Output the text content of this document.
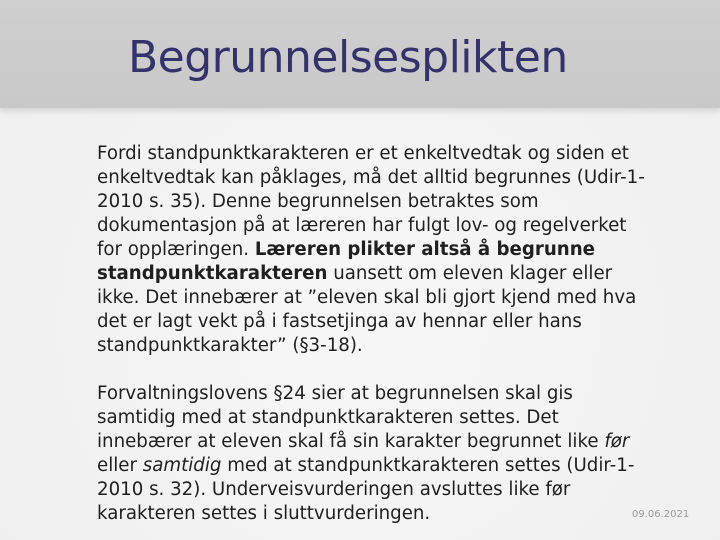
Begrunnelsesplikten

Fordi standpunktkarakteren er et enkeltvedtak og siden et enkeltvedtak kan påklages, må det alltid begrunnes (Udir-1-2010 s. 35). Denne begrunnelsen betraktes som dokumentasjon på at læreren har fulgt lov- og regelverket for opplæringen. Læreren plikter altså å begrunne standpunktkarakteren uansett om eleven klager eller ikke. Det innebærer at ”eleven skal bli gjort kjend med hva det er lagt vekt på i fastsetjinga av hennar eller hans standpunktkarakter” (§3-18).

Forvaltningslovens §24 sier at begrunnelsen skal gis samtidig med at standpunktkarakteren settes. Det innebærer at eleven skal få sin karakter begrunnet like før eller samtidig med at standpunktkarakteren settes (Udir-1-2010 s. 32). Underveisvurderingen avsluttes like før karakteren settes i sluttvurderingen.	09.06.2021
